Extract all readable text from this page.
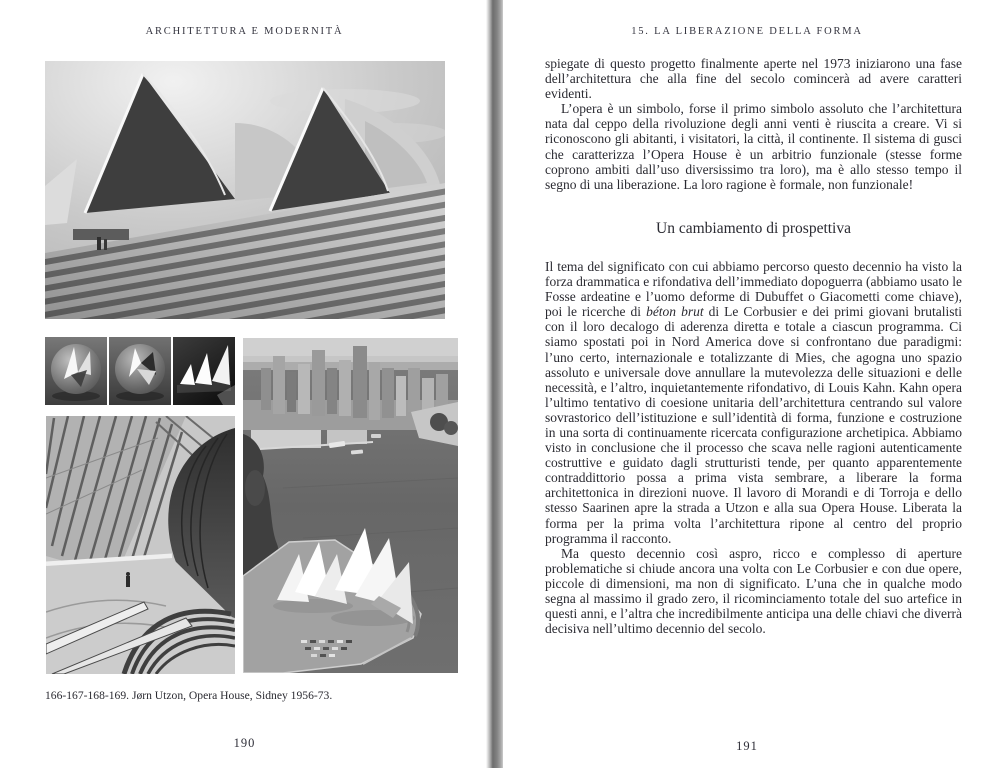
ARCHITETTURA E MODERNITÀ
166-167-168-169. Jørn Utzon, Opera House, Sidney 1956-73.
190
15. LA LIBERAZIONE DELLA FORMA

spiegate di questo progetto finalmente aperte nel 1973 iniziarono una fase dell’architettura che alla fine del secolo comincerà ad avere caratteri evidenti.

L’opera è un simbolo, forse il primo simbolo assoluto che l’architettura nata dal ceppo della rivoluzione degli anni venti è riuscita a creare. Vi si riconoscono gli abitanti, i visitatori, la città, il continente. Il sistema di gusci che caratterizza l’Opera House è un arbitrio funzionale (stesse forme coprono ambiti dall’uso diversissimo tra loro), ma è allo stesso tempo il segno di una liberazione. La loro ragione è formale, non funzionale!

Un cambiamento di prospettiva

Il tema del significato con cui abbiamo percorso questo decennio ha visto la forza drammatica e rifondativa dell’immediato dopoguerra (abbiamo usato le Fosse ardeatine e l’uomo deforme di Dubuffet o Giacometti come chiave), poi le ricerche di béton brut di Le Corbusier e dei primi giovani brutalisti con il loro decalogo di aderenza diretta e totale a ciascun programma. Ci siamo spostati poi in Nord America dove si confrontano due paradigmi: l’uno certo, internazionale e totalizzante di Mies, che agogna uno spazio assoluto e universale dove annullare la mutevolezza delle situazioni e delle necessità, e l’altro, inquietantemente rifondativo, di Louis Kahn. Kahn opera l’ultimo tentativo di coesione unitaria dell’architettura centrando sul valore sovrastorico dell’istituzione e sull’identità di forma, funzione e costruzione in una sorta di continuamente ricercata configurazione archetipica. Abbiamo visto in conclusione che il processo che scava nelle ragioni autenticamente costruttive e guidato dagli strutturisti tende, per quanto apparentemente contraddittorio possa a prima vista sembrare, a liberare la forma architettonica in direzioni nuove. Il lavoro di Morandi e di Torroja e dello stesso Saarinen apre la strada a Utzon e alla sua Opera House. Liberata la forma per la prima volta l’architettura ripone al centro del proprio programma il racconto.

Ma questo decennio così aspro, ricco e complesso di aperture problematiche si chiude ancora una volta con Le Corbusier e con due opere, piccole di dimensioni, ma non di significato. L’una che in qualche modo segna al massimo il grado zero, il ricominciamento totale del suo artefice in questi anni, e l’altra che incredibilmente anticipa una delle chiavi che diverrà decisiva nell’ultimo decennio del secolo.

191
